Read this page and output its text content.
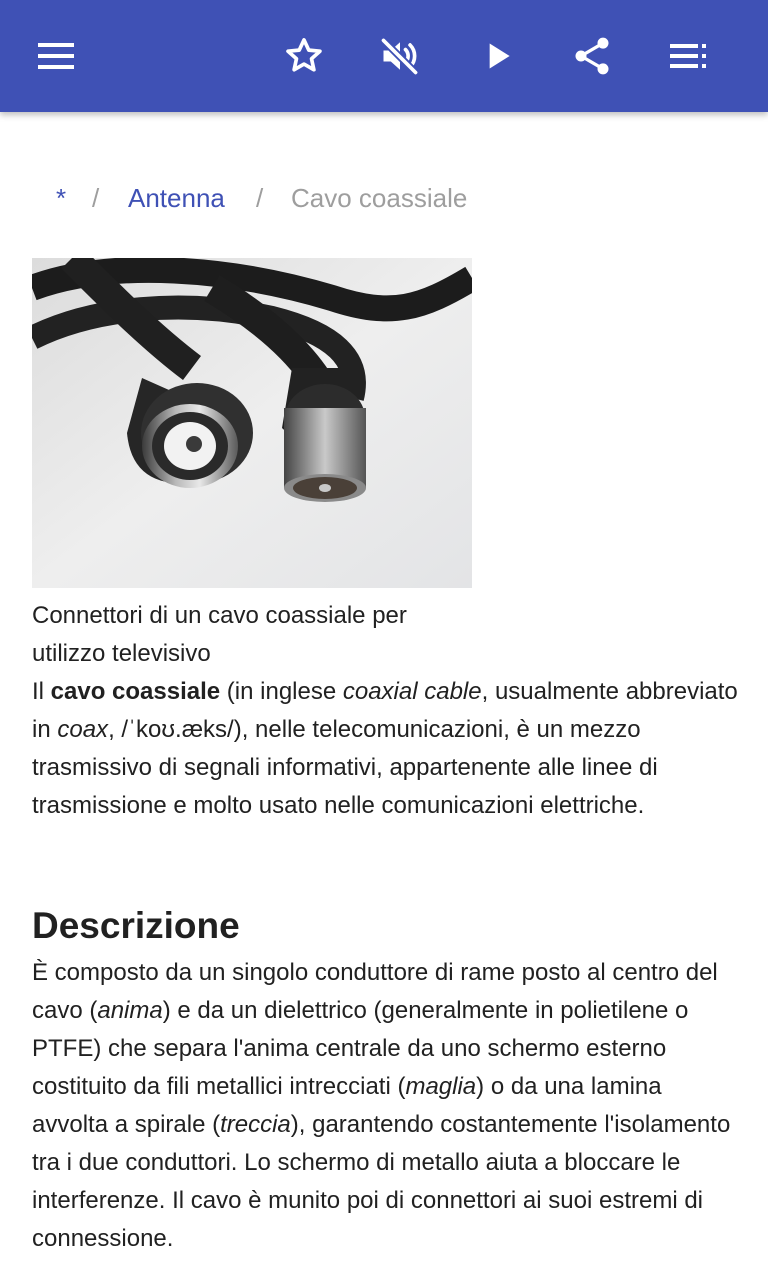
* / Antenna / Cavo coassiale
Connettori di un cavo coassiale per utilizzo televisivo
Il cavo coassiale (in inglese coaxial cable, usualmente abbreviato in coax, /ˈkoʊ.æks/), nelle telecomunicazioni, è un mezzo trasmissivo di segnali informativi, appartenente alle linee di trasmissione e molto usato nelle comunicazioni elettriche.
Descrizione
È composto da un singolo conduttore di rame posto al centro del cavo (anima) e da un dielettrico (generalmente in polietilene o PTFE) che separa l'anima centrale da uno schermo esterno costituito da fili metallici intrecciati (maglia) o da una lamina avvolta a spirale (treccia), garantendo costantemente l'isolamento tra i due conduttori. Lo schermo di metallo aiuta a bloccare le interferenze. Il cavo è munito poi di connettori ai suoi estremi di connessione.
